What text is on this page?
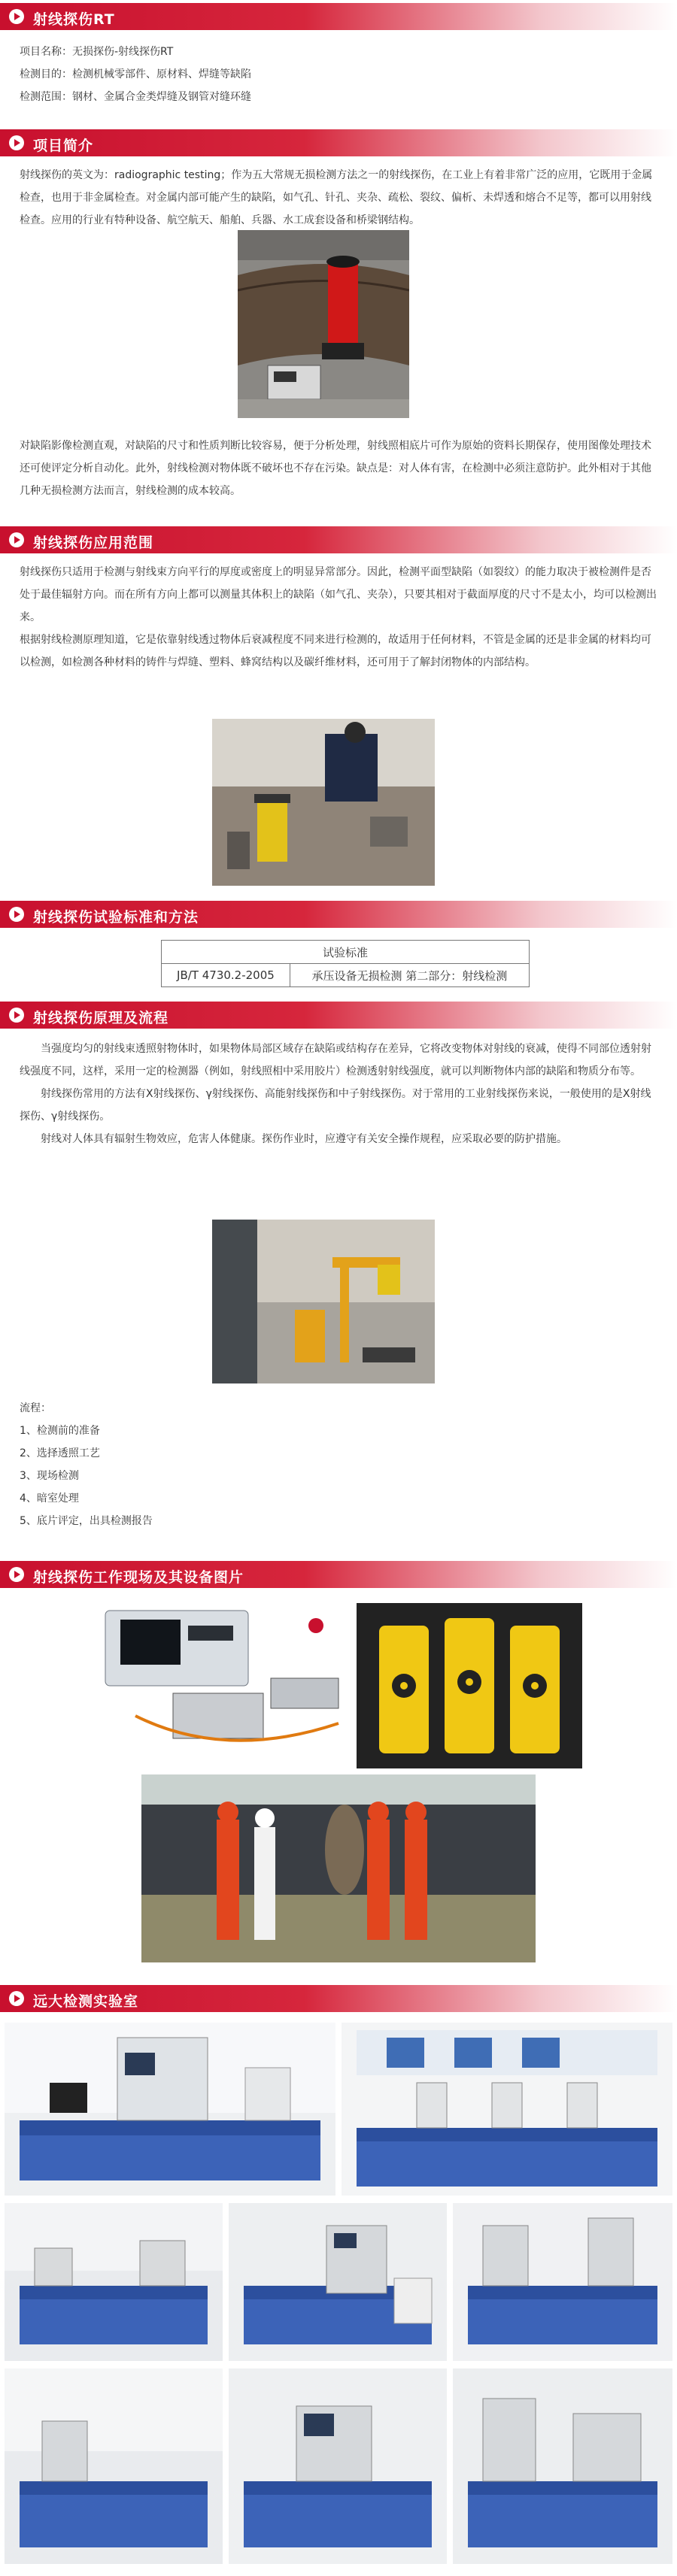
射线探伤RT

项目名称：无损探伤-射线探伤RT

检测目的：检测机械零部件、原材料、焊缝等缺陷

检测范围：钢材、金属合金类焊缝及钢管对缝环缝

项目简介

射线探伤的英文为：radiographic testing；作为五大常规无损检测方法之一的射线探伤，在工业上有着非常广泛的应用，它既用于金属检查，也用于非金属检查。对金属内部可能产生的缺陷，如气孔、针孔、夹杂、疏松、裂纹、偏析、未焊透和熔合不足等，都可以用射线检查。应用的行业有特种设备、航空航天、船舶、兵器、水工成套设备和桥梁钢结构。

对缺陷影像检测直观，对缺陷的尺寸和性质判断比较容易，便于分析处理，射线照相底片可作为原始的资料长期保存，使用图像处理技术还可使评定分析自动化。此外，射线检测对物体既不破坏也不存在污染。缺点是：对人体有害，在检测中必须注意防护。此外相对于其他几种无损检测方法而言，射线检测的成本较高。

射线探伤应用范围

射线探伤只适用于检测与射线束方向平行的厚度或密度上的明显异常部分。因此，检测平面型缺陷（如裂纹）的能力取决于被检测件是否处于最佳辐射方向。而在所有方向上都可以测量其体积上的缺陷（如气孔、夹杂），只要其相对于截面厚度的尺寸不是太小，均可以检测出来。

根据射线检测原理知道，它是依靠射线透过物体后衰减程度不同来进行检测的，故适用于任何材料，不管是金属的还是非金属的材料均可以检测，如检测各种材料的铸件与焊缝、塑料、蜂窝结构以及碳纤维材料，还可用于了解封闭物体的内部结构。

射线探伤试验标准和方法
试验标准
JB/T 4730.2-2005	承压设备无损检测 第二部分：射线检测
射线探伤原理及流程

当强度均匀的射线束透照射物体时，如果物体局部区域存在缺陷或结构存在差异，它将改变物体对射线的衰减，使得不同部位透射射线强度不同，这样，采用一定的检测器（例如，射线照相中采用胶片）检测透射射线强度，就可以判断物体内部的缺陷和物质分布等。

射线探伤常用的方法有X射线探伤、γ射线探伤、高能射线探伤和中子射线探伤。对于常用的工业射线探伤来说，一般使用的是X射线探伤、γ射线探伤。

射线对人体具有辐射生物效应，危害人体健康。探伤作业时，应遵守有关安全操作规程，应采取必要的防护措施。

流程：

1、检测前的准备

2、选择透照工艺

3、现场检测

4、暗室处理

5、底片评定，出具检测报告

射线探伤工作现场及其设备图片
远大检测实验室
